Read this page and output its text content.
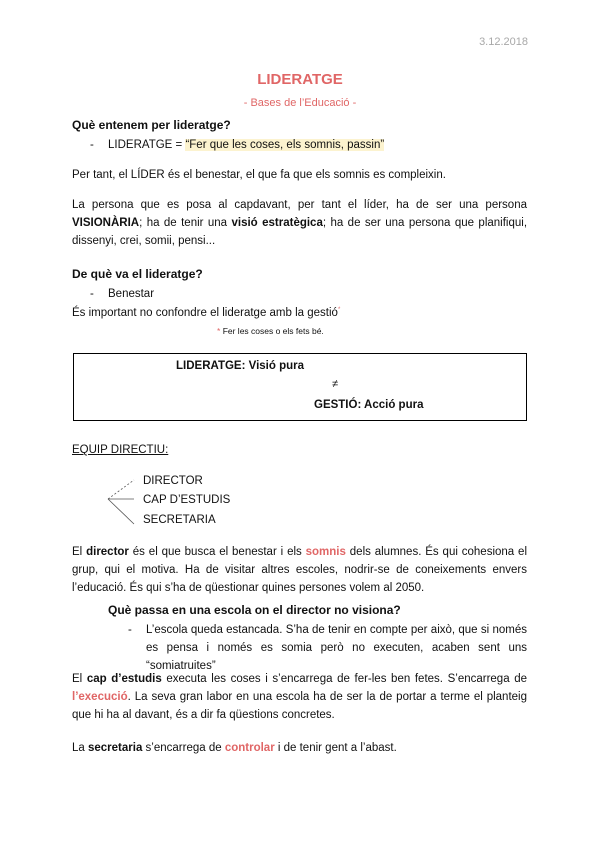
3.12.2018
LIDERATGE
- Bases de l’Educació -
Què entenem per lideratge?
- LIDERATGE = “Fer que les coses, els somnis, passin”
Per tant, el LÍDER és el benestar, el que fa que els somnis es compleixin.
La persona que es posa al capdavant, per tant el líder, ha de ser una persona VISIONÀRIA; ha de tenir una visió estratègica; ha de ser una persona que planifiqui, dissenyi, crei, somii, pensi...
De què va el lideratge?
- Benestar
És important no confondre el lideratge amb la gestió*
* Fer les coses o els fets bé.
LIDERATGE: Visió pura
≠
GESTIÓ: Acció pura
EQUIP DIRECTIU:
DIRECTOR
CAP D’ESTUDIS
SECRETARIA
El director és el que busca el benestar i els somnis dels alumnes. És qui cohesiona el grup, qui el motiva. Ha de visitar altres escoles, nodrir-se de coneixements envers l’educació. És qui s’ha de qüestionar quines persones volem al 2050.
Què passa en una escola on el director no visiona?
- L’escola queda estancada. S’ha de tenir en compte per això, que si només es pensa i només es somia però no executen, acaben sent uns “somiatruites”
El cap d’estudis executa les coses i s’encarrega de fer-les ben fetes. S’encarrega de l’execució. La seva gran labor en una escola ha de ser la de portar a terme el planteig que hi ha al davant, és a dir fa qüestions concretes.
La secretaria s’encarrega de controlar i de tenir gent a l’abast.
